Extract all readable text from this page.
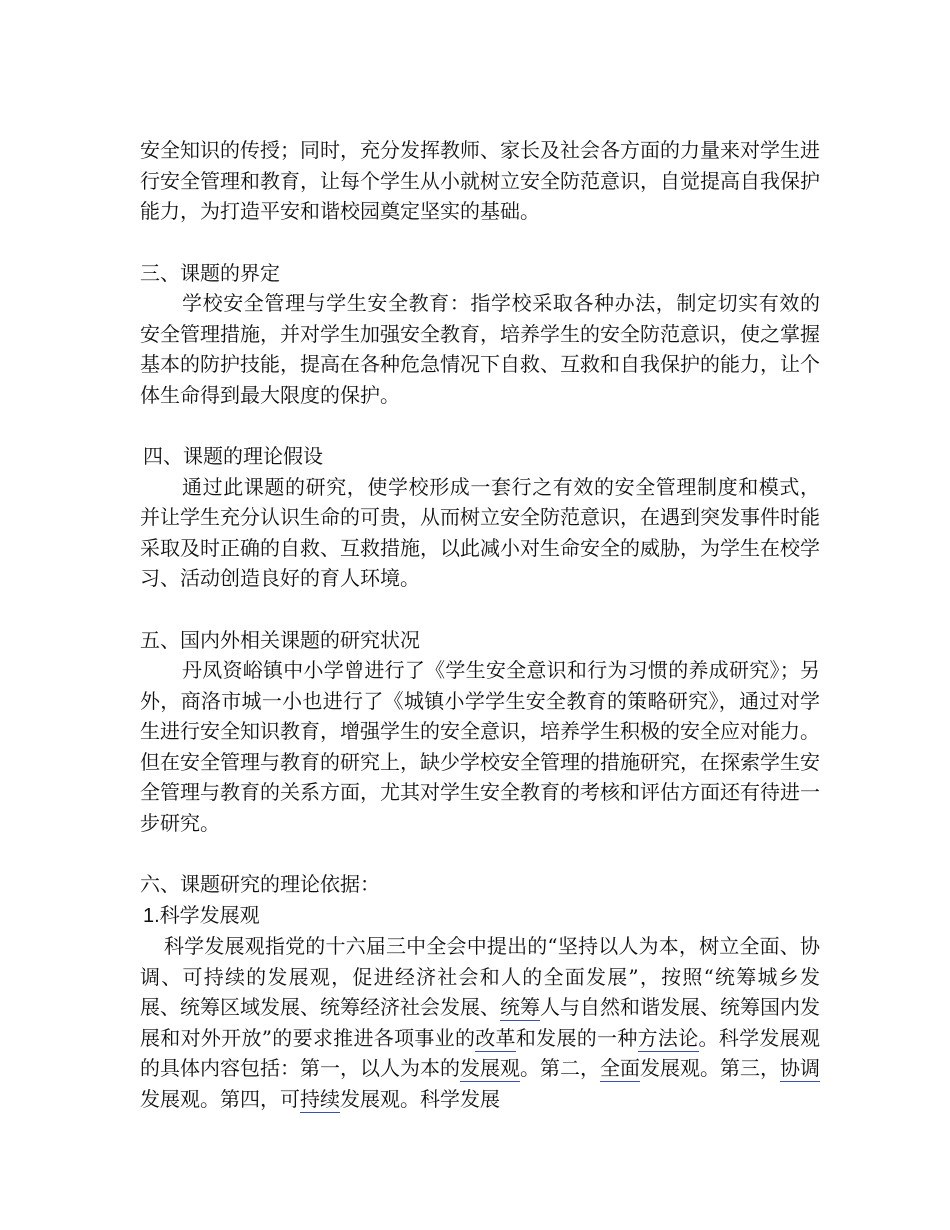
安全知识的传授；同时，充分发挥教师、家长及社会各方面的力量来对学生进行安全管理和教育，让每个学生从小就树立安全防范意识，自觉提高自我保护能力，为打造平安和谐校园奠定坚实的基础。

三、课题的界定

学校安全管理与学生安全教育：指学校采取各种办法，制定切实有效的安全管理措施，并对学生加强安全教育，培养学生的安全防范意识，使之掌握基本的防护技能，提高在各种危急情况下自救、互救和自我保护的能力，让个体生命得到最大限度的保护。

四、课题的理论假设

通过此课题的研究，使学校形成一套行之有效的安全管理制度和模式，并让学生充分认识生命的可贵，从而树立安全防范意识，在遇到突发事件时能采取及时正确的自救、互救措施，以此减小对生命安全的威胁，为学生在校学习、活动创造良好的育人环境。

五、国内外相关课题的研究状况

丹凤资峪镇中小学曾进行了《学生安全意识和行为习惯的养成研究》；另外，商洛市城一小也进行了《城镇小学学生安全教育的策略研究》，通过对学生进行安全知识教育，增强学生的安全意识，培养学生积极的安全应对能力。但在安全管理与教育的研究上，缺少学校安全管理的措施研究，在探索学生安全管理与教育的关系方面，尤其对学生安全教育的考核和评估方面还有待进一步研究。

六、课题研究的理论依据：

1.科学发展观

科学发展观指党的十六届三中全会中提出的“坚持以人为本，树立全面、协调、可持续的发展观，促进经济社会和人的全面发展”，按照“统筹城乡发展、统筹区域发展、统筹经济社会发展、统筹人与自然和谐发展、统筹国内发展和对外开放”的要求推进各项事业的改革和发展的一种方法论。科学发展观的具体内容包括：第一，以人为本的发展观。第二，全面发展观。第三，协调发展观。第四，可持续发展观。科学发展
